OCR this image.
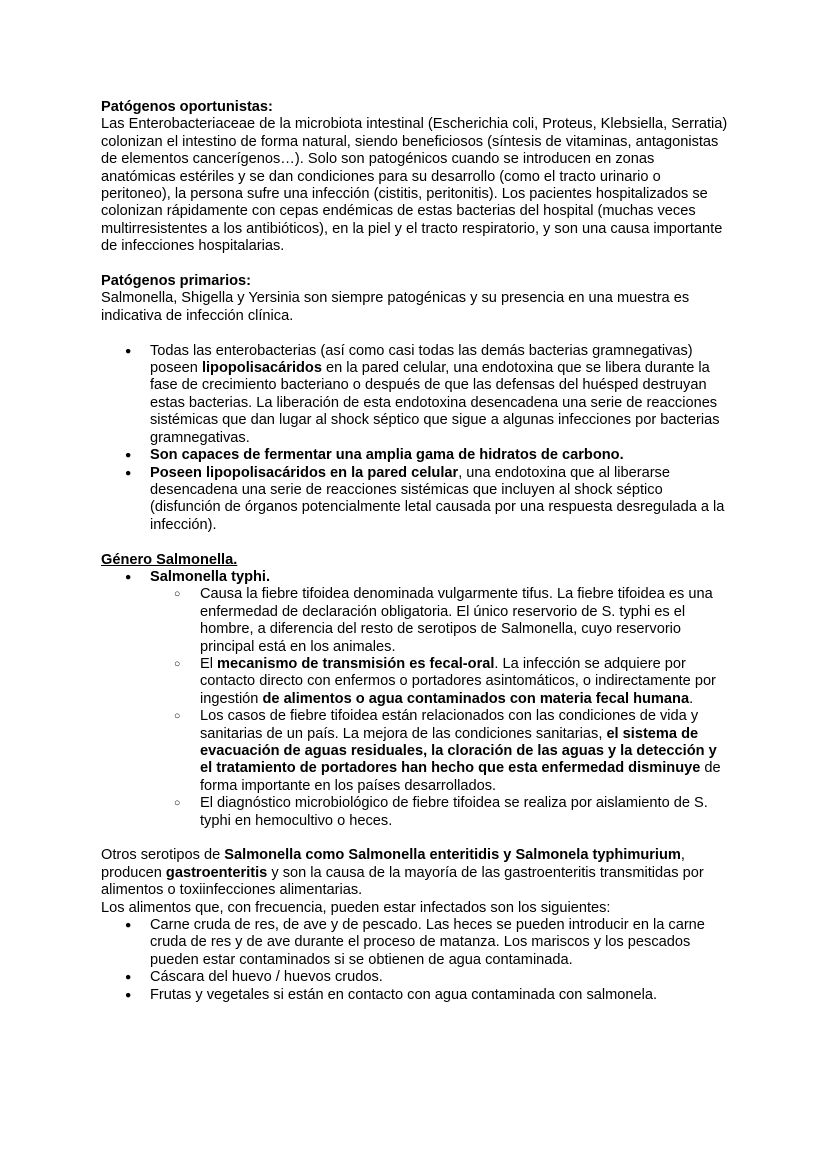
Patógenos oportunistas:

Las Enterobacteriaceae de la microbiota intestinal (Escherichia coli, Proteus, Klebsiella, Serratia) colonizan el intestino de forma natural, siendo beneficiosos (síntesis de vitaminas, antagonistas de elementos cancerígenos…). Solo son patogénicos cuando se introducen en zonas anatómicas estériles y se dan condiciones para su desarrollo (como el tracto urinario o peritoneo), la persona sufre una infección (cistitis, peritonitis). Los pacientes hospitalizados se colonizan rápidamente con cepas endémicas de estas bacterias del hospital (muchas veces multirresistentes a los antibióticos), en la piel y el tracto respiratorio, y son una causa importante de infecciones hospitalarias.

Patógenos primarios:

Salmonella, Shigella y Yersinia son siempre patogénicas y su presencia en una muestra es indicativa de infección clínica.

● Todas las enterobacterias (así como casi todas las demás bacterias gramnegativas) poseen lipopolisacáridos en la pared celular, una endotoxina que se libera durante la fase de crecimiento bacteriano o después de que las defensas del huésped destruyan estas bacterias. La liberación de esta endotoxina desencadena una serie de reacciones sistémicas que dan lugar al shock séptico que sigue a algunas infecciones por bacterias gramnegativas.
● Son capaces de fermentar una amplia gama de hidratos de carbono.
● Poseen lipopolisacáridos en la pared celular, una endotoxina que al liberarse desencadena una serie de reacciones sistémicas que incluyen al shock séptico (disfunción de órganos potencialmente letal causada por una respuesta desregulada a la infección).

Género Salmonella.

● Salmonella typhi.
○ Causa la fiebre tifoidea denominada vulgarmente tifus. La fiebre tifoidea es una enfermedad de declaración obligatoria. El único reservorio de S. typhi es el hombre, a diferencia del resto de serotipos de Salmonella, cuyo reservorio principal está en los animales.
○ El mecanismo de transmisión es fecal-oral. La infección se adquiere por contacto directo con enfermos o portadores asintomáticos, o indirectamente por ingestión de alimentos o agua contaminados con materia fecal humana.
○ Los casos de fiebre tifoidea están relacionados con las condiciones de vida y sanitarias de un país. La mejora de las condiciones sanitarias, el sistema de evacuación de aguas residuales, la cloración de las aguas y la detección y el tratamiento de portadores han hecho que esta enfermedad disminuye de forma importante en los países desarrollados.
○ El diagnóstico microbiológico de fiebre tifoidea se realiza por aislamiento de S. typhi en hemocultivo o heces.

Otros serotipos de Salmonella como Salmonella enteritidis y Salmonela typhimurium, producen gastroenteritis y son la causa de la mayoría de las gastroenteritis transmitidas por alimentos o toxiinfecciones alimentarias.

Los alimentos que, con frecuencia, pueden estar infectados son los siguientes:

● Carne cruda de res, de ave y de pescado. Las heces se pueden introducir en la carne cruda de res y de ave durante el proceso de matanza. Los mariscos y los pescados pueden estar contaminados si se obtienen de agua contaminada.
● Cáscara del huevo / huevos crudos.
● Frutas y vegetales si están en contacto con agua contaminada con salmonela.
